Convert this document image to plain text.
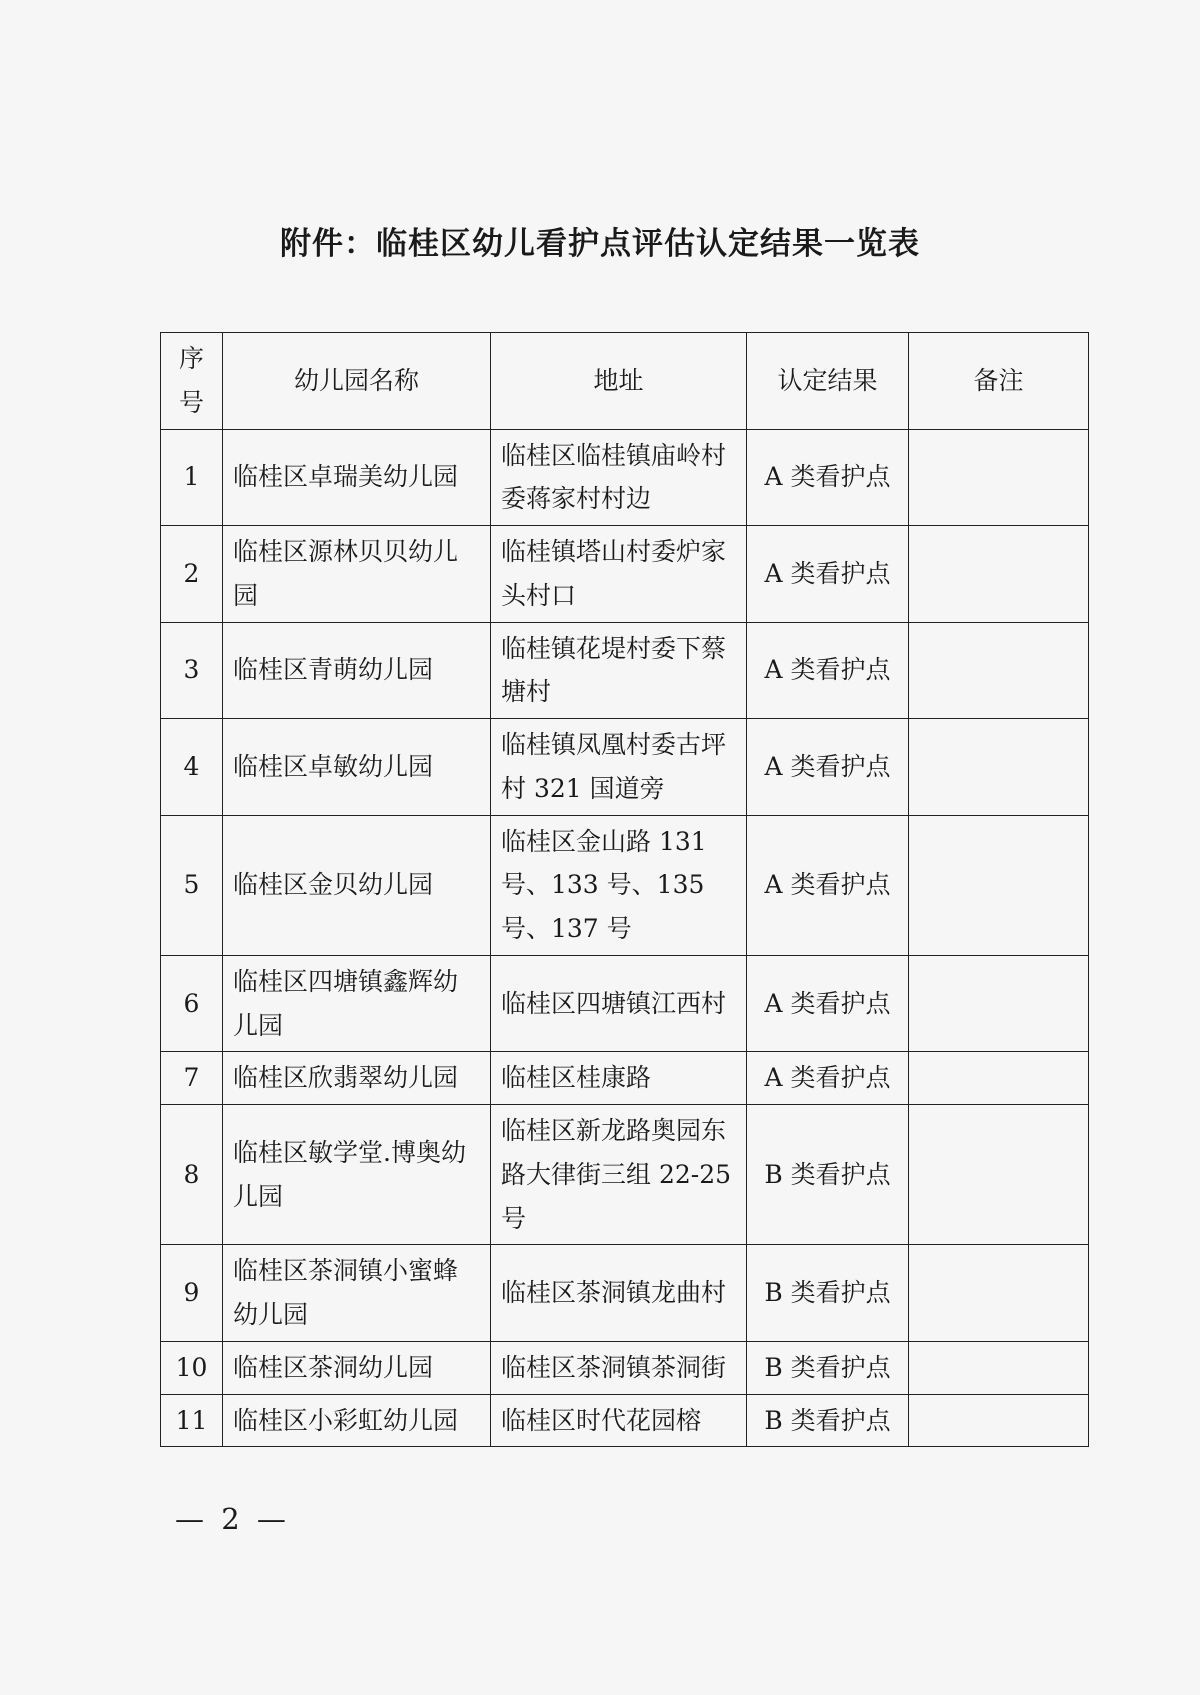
附件：临桂区幼儿看护点评估认定结果一览表
序
号	幼儿园名称	地址	认定结果	备注
1	临桂区卓瑞美幼儿园	临桂区临桂镇庙岭村委蒋家村村边	A 类看护点	
2	临桂区源林贝贝幼儿园	临桂镇塔山村委炉家头村口	A 类看护点	
3	临桂区青萌幼儿园	临桂镇花堤村委下蔡塘村	A 类看护点	
4	临桂区卓敏幼儿园	临桂镇凤凰村委古坪村 321 国道旁	A 类看护点	
5	临桂区金贝幼儿园	临桂区金山路 131 号、133 号、135 号、137 号	A 类看护点	
6	临桂区四塘镇鑫辉幼儿园	临桂区四塘镇江西村	A 类看护点	
7	临桂区欣翡翠幼儿园	临桂区桂康路	A 类看护点	
8	临桂区敏学堂.博奥幼儿园	临桂区新龙路奥园东路大律街三组 22-25 号	B 类看护点	
9	临桂区茶洞镇小蜜蜂幼儿园	临桂区茶洞镇龙曲村	B 类看护点	
10	临桂区茶洞幼儿园	临桂区茶洞镇茶洞街	B 类看护点	
11	临桂区小彩虹幼儿园	临桂区时代花园榕	B 类看护点	
— 2 —
